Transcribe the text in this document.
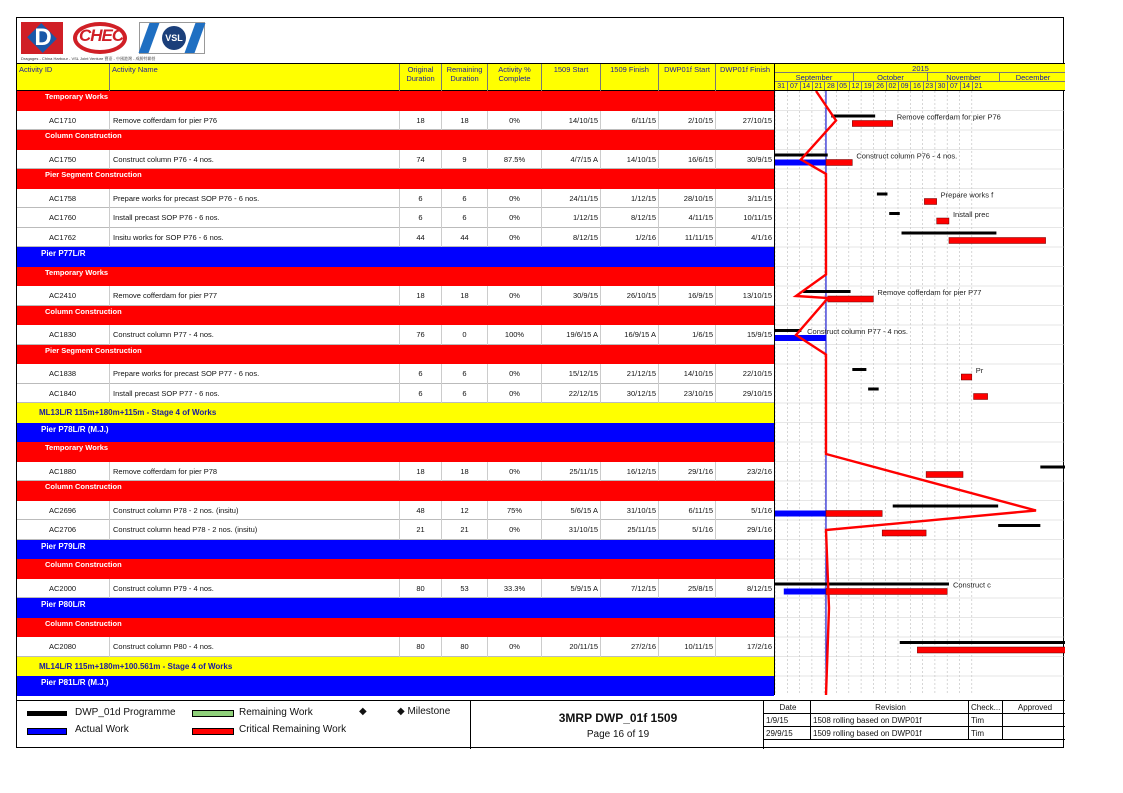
D CHEC	VSL
Dragages - China Harbour - VSL Joint Venture 寶嘉 - 中國港灣 - 威勝特聯營
Activity ID	Activity Name	Original
Duration
Remaining
Duration
Activity %
Complete
1509 Start	1509 Finish	DWP01f Start	DWP01f Finish	2015
September	October	November	December
31 07 14 21 28 05 12 19 26 02 09 16 23 30 07 14 21
Temporary Works
AC1710	Remove cofferdam for pier P76	18	18	0%	14/10/15	6/11/15	2/10/15	27/10/15
Column Construction
AC1750	Construct column P76 - 4 nos.	74	9	87.5%	4/7/15 A	14/10/15	16/6/15	30/9/15
Pier Segment Construction
AC1758	Prepare works for precast SOP P76 - 6 nos.	6	6	0%	24/11/15	1/12/15	28/10/15	3/11/15
AC1760	Install precast SOP P76 - 6 nos.	6	6	0%	1/12/15	8/12/15	4/11/15	10/11/15
AC1762	Insitu works for SOP P76 - 6 nos.	44	44	0%	8/12/15	1/2/16	11/11/15	4/1/16
Pier P77L/R
Temporary Works
AC2410	Remove cofferdam for pier P77	18	18	0%	30/9/15	26/10/15	16/9/15	13/10/15
Column Construction
AC1830	Construct column P77 - 4 nos.	76	0	100%	19/6/15 A	16/9/15 A	1/6/15	15/9/15
Pier Segment Construction
AC1838	Prepare works for precast SOP P77 - 6 nos.	6	6	0%	15/12/15	21/12/15	14/10/15	22/10/15
AC1840	Install precast SOP P77 - 6 nos.	6	6	0%	22/12/15	30/12/15	23/10/15	29/10/15
ML13L/R 115m+180m+115m - Stage 4 of Works
Pier P78L/R (M.J.)
Temporary Works
AC1880	Remove cofferdam for pier P78	18	18	0%	25/11/15	16/12/15	29/1/16	23/2/16
Column Construction
AC2696	Construct column P78 - 2 nos. (insitu)	48	12	75%	5/6/15 A	31/10/15	6/11/15	5/1/16
AC2706	Construct column head P78 - 2 nos. (insitu)	21	21	0%	31/10/15	25/11/15	5/1/16	29/1/16
Pier P79L/R
Column Construction
AC2000	Construct column P79 - 4 nos.	80	53	33.3%	5/9/15 A	7/12/15	25/8/15	8/12/15
Pier P80L/R
Column Construction
AC2080	Construct column P80 - 4 nos.	80	80	0%	20/11/15	27/2/16	10/11/15	17/2/16
ML14L/R 115m+180m+100.561m - Stage 4 of Works
Pier P81L/R (M.J.)
Remove cofferdam for pier P76
Construct column P76 - 4 nos.
Prepare works f
Install prec
Remove cofferdam for pier P77
Construct column P77 - 4 nos.
Pr
Construct c
DWP_01d Programme	Remaining Work	◆	◆ Milestone
Actual Work	Critical Remaining Work
3MRP DWP_01f 1509
Page 16 of 19
Date	Revision	Check...	Approved
1/9/15	1508 rolling based on DWP01f	Tim
29/9/15	1509 rolling based on DWP01f	Tim
